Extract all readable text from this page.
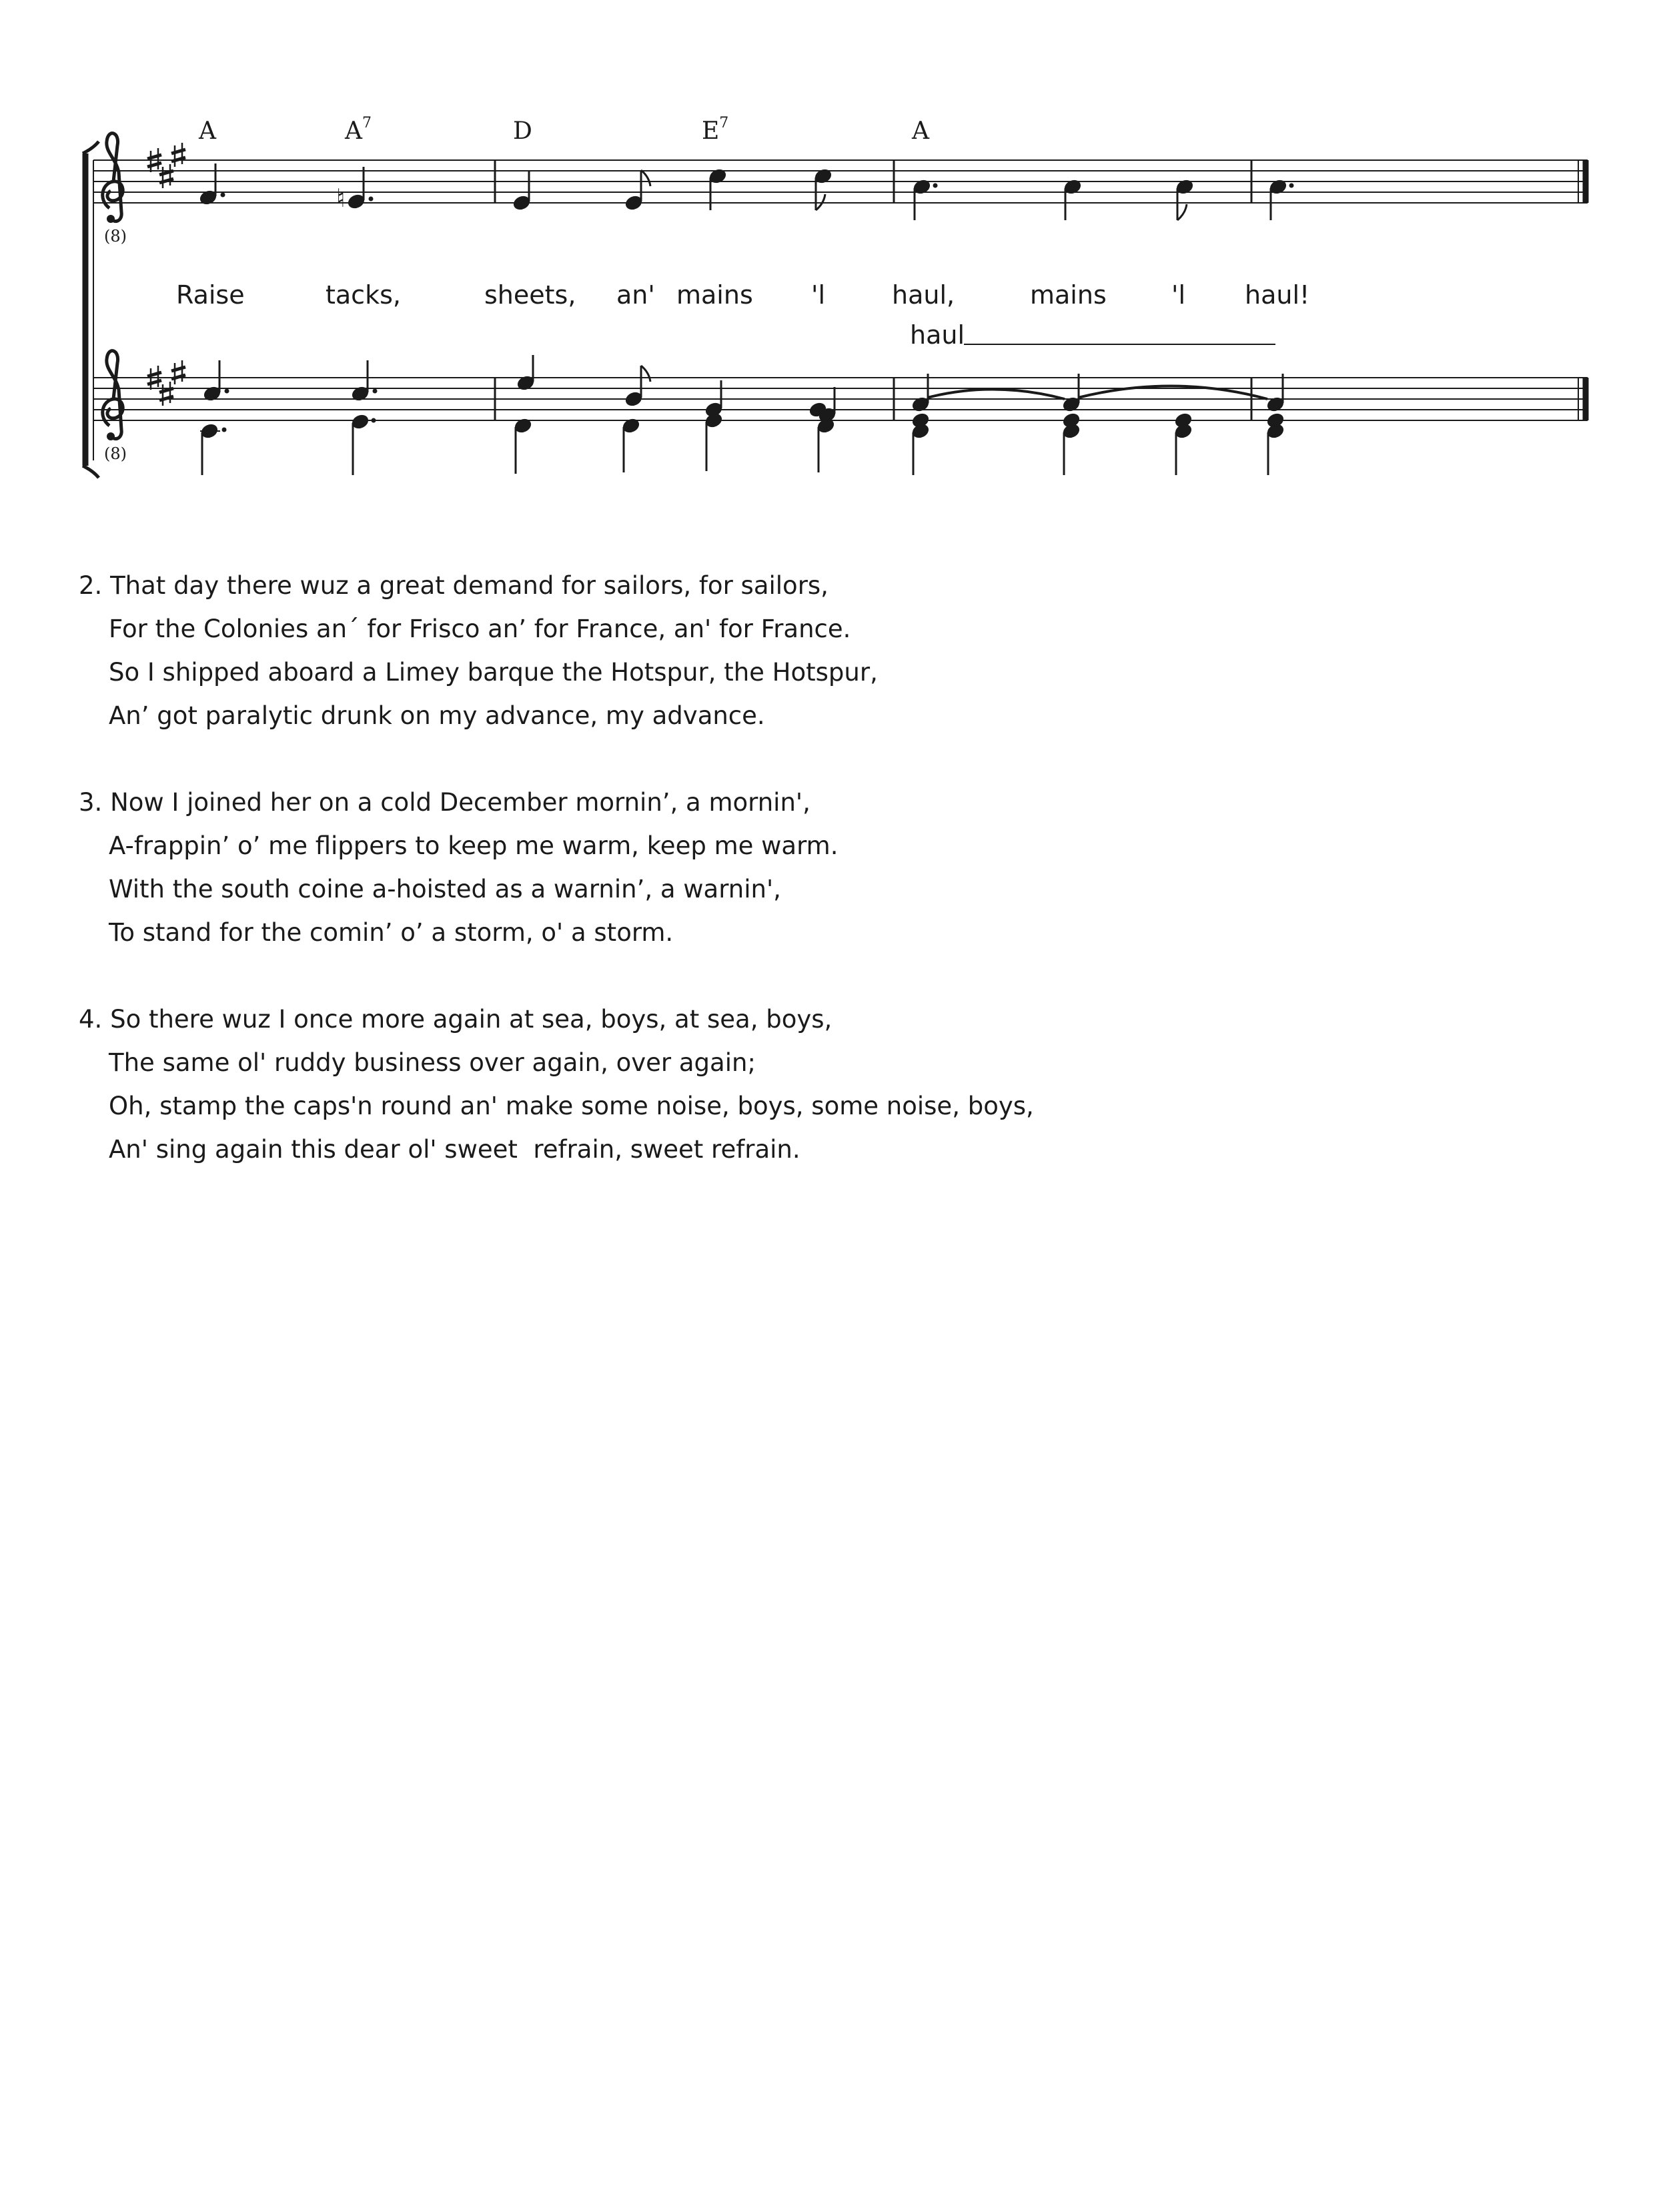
A	$A^7$	D	$E^7$	A
♮
(8)
(8)
Raise	tacks,	sheets, an' mains 'l	haul,	mains	'l haul!
haul
2. That day there wuz a great demand for sailors, for sailors,
For the Colonies an´ for Frisco an’ for France, an' for France.
So I shipped aboard a Limey barque the Hotspur, the Hotspur,
An’ got paralytic drunk on my advance, my advance.
3. Now I joined her on a cold December mornin’, a mornin',
A-frappin’ o’ me flippers to keep me warm, keep me warm.
With the south coine a-hoisted as a warnin’, a warnin',
To stand for the comin’ o’ a storm, o' a storm.
4. So there wuz I once more again at sea, boys, at sea, boys,
The same ol' ruddy business over again, over again;
Oh, stamp the caps'n round an' make some noise, boys, some noise, boys,
An' sing again this dear ol' sweet  refrain, sweet refrain.
